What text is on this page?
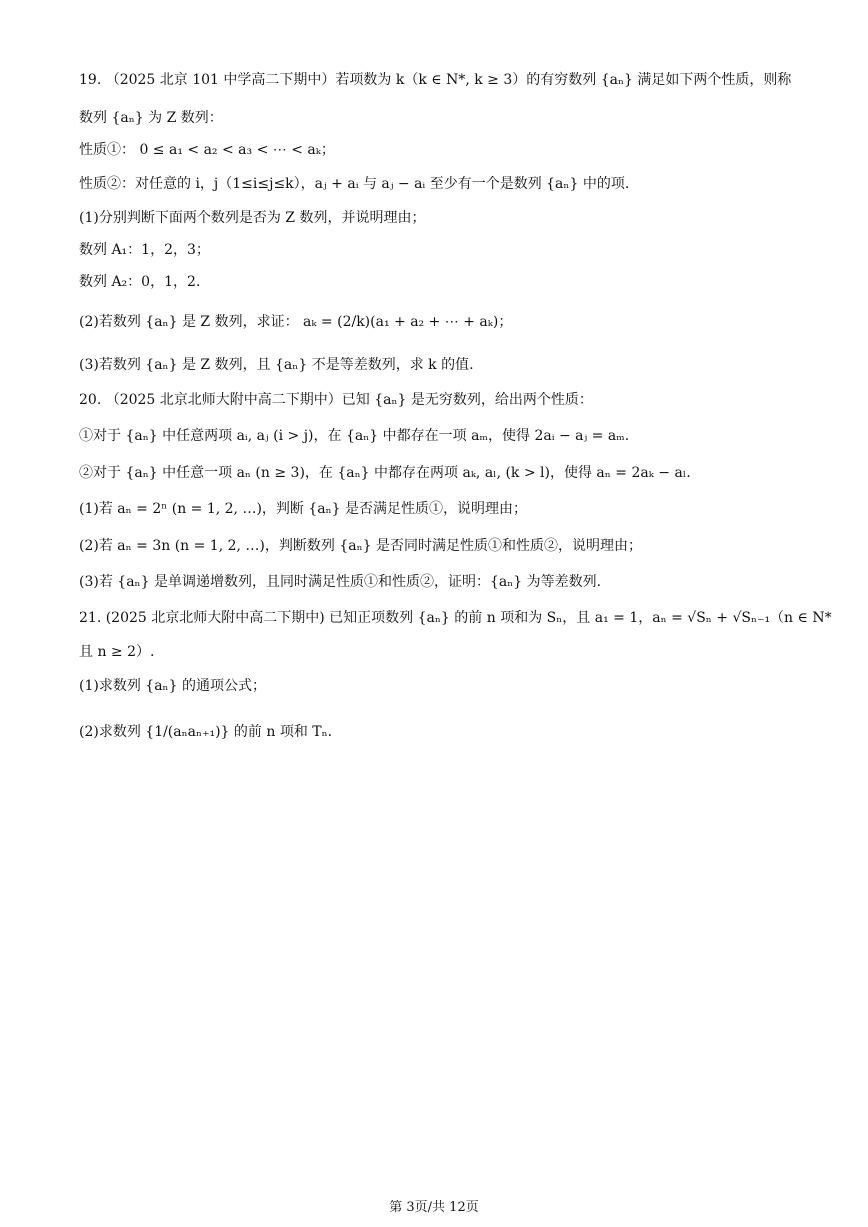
19. （2025 北京 101 中学高二下期中）若项数为 k（k ∈ N*, k ≥ 3）的有穷数列 {aₙ} 满足如下两个性质，则称
数列 {aₙ} 为 Z 数列：
性质①： 0 ≤ a₁ < a₂ < a₃ < ⋯ < aₖ；
性质②：对任意的 i，j（1≤i≤j≤k），aⱼ + aᵢ 与 aⱼ − aᵢ 至少有一个是数列 {aₙ} 中的项.
(1)分别判断下面两个数列是否为 Z 数列，并说明理由；
数列 A₁：1，2，3；
数列 A₂：0，1，2.
(2)若数列 {aₙ} 是 Z 数列，求证： aₖ = (2/k)(a₁ + a₂ + ⋯ + aₖ)；
(3)若数列 {aₙ} 是 Z 数列，且 {aₙ} 不是等差数列，求 k 的值.
20. （2025 北京北师大附中高二下期中）已知 {aₙ} 是无穷数列，给出两个性质：
①对于 {aₙ} 中任意两项 aᵢ, aⱼ (i > j)，在 {aₙ} 中都存在一项 aₘ，使得 2aᵢ − aⱼ = aₘ.
②对于 {aₙ} 中任意一项 aₙ (n ≥ 3)，在 {aₙ} 中都存在两项 aₖ, aₗ, (k > l)，使得 aₙ = 2aₖ − aₗ.
(1)若 aₙ = 2ⁿ (n = 1, 2, …)，判断 {aₙ} 是否满足性质①，说明理由；
(2)若 aₙ = 3n (n = 1, 2, …)，判断数列 {aₙ} 是否同时满足性质①和性质②，说明理由；
(3)若 {aₙ} 是单调递增数列，且同时满足性质①和性质②，证明：{aₙ} 为等差数列.
21. (2025 北京北师大附中高二下期中) 已知正项数列 {aₙ} 的前 n 项和为 Sₙ，且 a₁ = 1，aₙ = √Sₙ + √Sₙ₋₁（n ∈ N*
且 n ≥ 2）.
(1)求数列 {aₙ} 的通项公式；
(2)求数列 {1/(aₙaₙ₊₁)} 的前 n 项和 Tₙ.
第 3页/共 12页
